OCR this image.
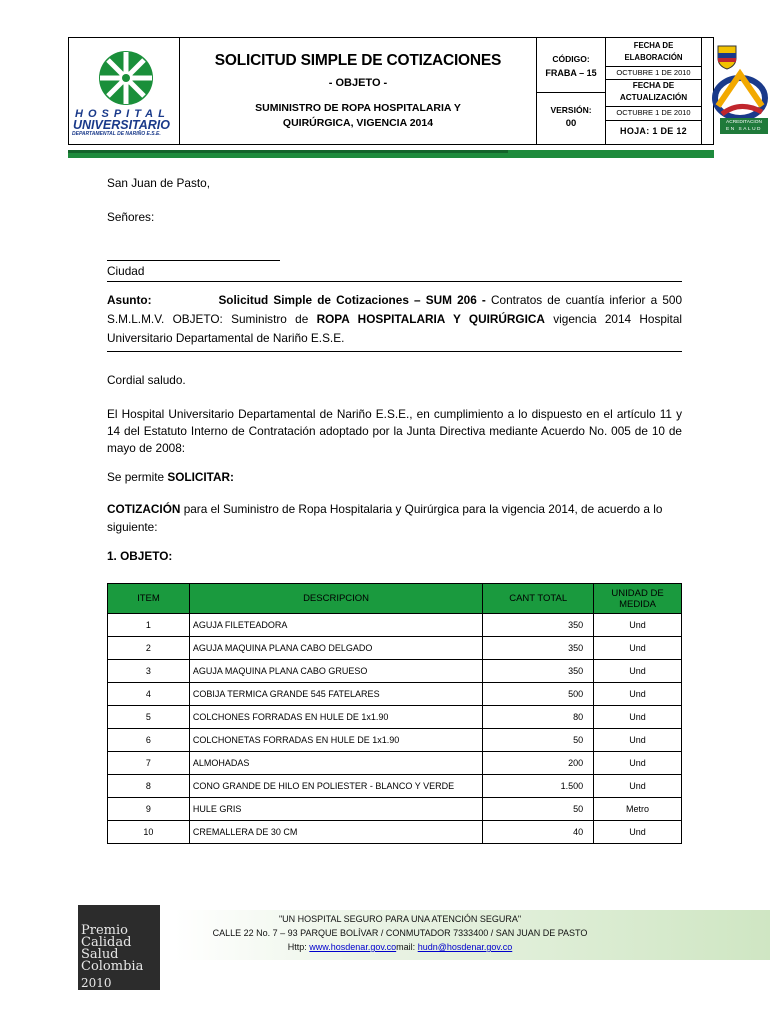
HOSPITAL
UNIVERSITARIO
DEPARTAMENTAL DE NARIÑO E.S.E.
SOLICITUD SIMPLE DE COTIZACIONES
- OBJETO -
SUMINISTRO DE ROPA HOSPITALARIA Y
QUIRÚRGICA, VIGENCIA 2014
CÓDIGO:
FRABA – 15
VERSIÓN:
00
FECHA DE ELABORACIÓN
OCTUBRE 1 DE 2010
FECHA DE ACTUALIZACIÓN
OCTUBRE 1 DE 2010
HOJA: 1 DE 12
ACREDITACION
EN SALUD
San Juan de Pasto,
Señores:
Ciudad
Asunto:	Solicitud Simple de Cotizaciones – SUM 206 - Contratos de cuantía inferior a 500 S.M.L.M.V. OBJETO: Suministro de ROPA HOSPITALARIA Y QUIRÚRGICA vigencia 2014 Hospital Universitario Departamental de Nariño E.S.E.
Cordial saludo.
El Hospital Universitario Departamental de Nariño E.S.E., en cumplimiento a lo dispuesto en el artículo 11 y 14 del Estatuto Interno de Contratación adoptado por la Junta Directiva mediante Acuerdo No. 005 de 10 de mayo de 2008:
Se permite SOLICITAR:
COTIZACIÓN para el Suministro de Ropa Hospitalaria y Quirúrgica para la vigencia 2014, de acuerdo a lo siguiente:
1. OBJETO:
ITEM	DESCRIPCION	CANT TOTAL	UNIDAD DE MEDIDA
1	AGUJA FILETEADORA	350	Und
2	AGUJA MAQUINA PLANA CABO DELGADO	350	Und
3	AGUJA MAQUINA PLANA CABO GRUESO	350	Und
4	COBIJA TERMICA GRANDE 545 FATELARES	500	Und
5	COLCHONES FORRADAS EN HULE DE 1x1.90	80	Und
6	COLCHONETAS FORRADAS EN HULE DE 1x1.90	50	Und
7	ALMOHADAS	200	Und
8	CONO GRANDE DE HILO EN POLIESTER - BLANCO Y VERDE	1.500	Und
9	HULE GRIS	50	Metro
10	CREMALLERA DE 30 CM	40	Und
Premio
Calidad
Salud
Colombia
2010
"UN HOSPITAL SEGURO PARA UNA ATENCIÓN SEGURA"
CALLE 22 No. 7 – 93 PARQUE BOLÍVAR / CONMUTADOR 7333400 / SAN JUAN DE PASTO
Http: www.hosdenar.gov.comail: hudn@hosdenar.gov.co
